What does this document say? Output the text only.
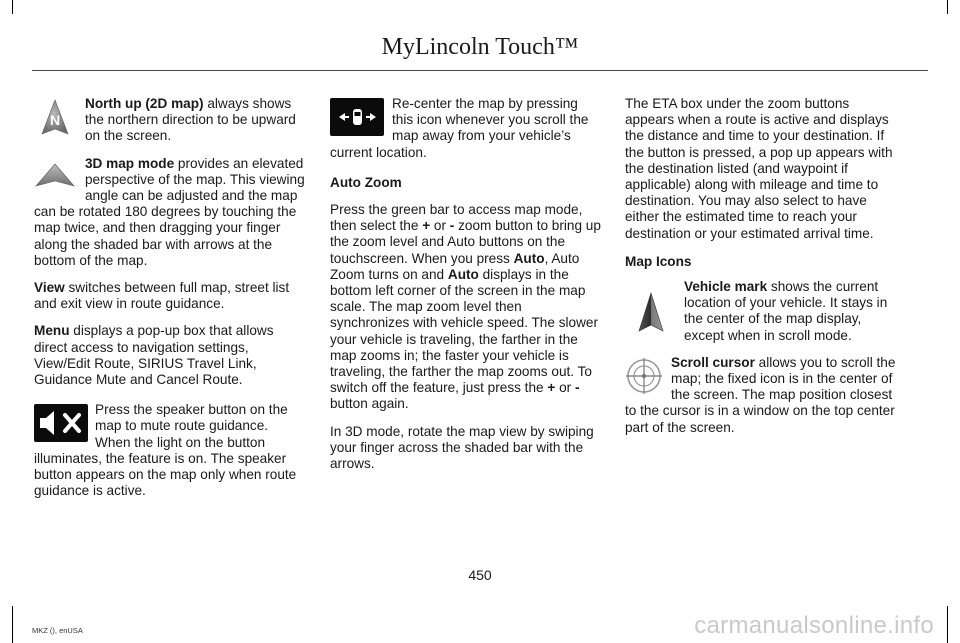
MyLincoln Touch™

N
North up (2D map) always shows the northern direction to be upward on the screen.

3D map mode provides an elevated perspective of the map. This viewing angle can be adjusted and the map can be rotated 180 degrees by touching the map twice, and then dragging your finger along the shaded bar with arrows at the bottom of the map.

View switches between full map, street list and exit view in route guidance.

Menu displays a pop-up box that allows direct access to navigation settings, View/Edit Route, SIRIUS Travel Link, Guidance Mute and Cancel Route.

Press the speaker button on the map to mute route guidance. When the light on the button illuminates, the feature is on. The speaker button appears on the map only when route guidance is active.

Re-center the map by pressing this icon whenever you scroll the map away from your vehicle’s current location.

Auto Zoom

Press the green bar to access map mode, then select the + or - zoom button to bring up the zoom level and Auto buttons on the touchscreen. When you press Auto, Auto Zoom turns on and Auto displays in the bottom left corner of the screen in the map scale. The map zoom level then synchronizes with vehicle speed. The slower your vehicle is traveling, the farther in the map zooms in; the faster your vehicle is traveling, the farther the map zooms out. To switch off the feature, just press the + or - button again.

In 3D mode, rotate the map view by swiping your finger across the shaded bar with the arrows.

The ETA box under the zoom buttons appears when a route is active and displays the distance and time to your destination. If the button is pressed, a pop up appears with the destination listed (and waypoint if applicable) along with mileage and time to destination. You may also select to have either the estimated time to reach your destination or your estimated arrival time.

Map Icons

Vehicle mark shows the current location of your vehicle. It stays in the center of the map display, except when in scroll mode.

Scroll cursor allows you to scroll the map; the fixed icon is in the center of the screen. The map position closest to the cursor is in a window on the top center part of the screen.

450
MKZ (), enUSA	carmanualsonline.info
